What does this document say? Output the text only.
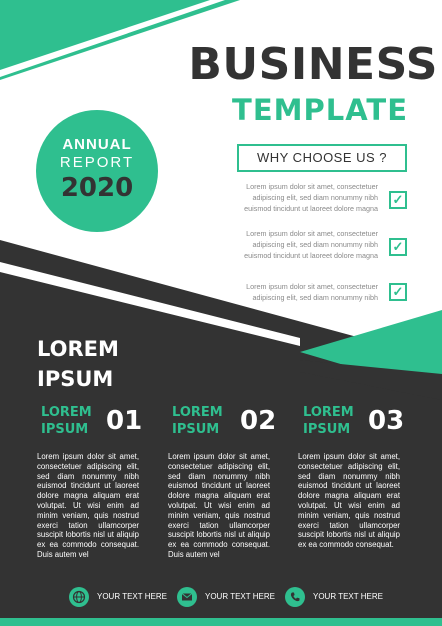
BUSINESS
TEMPLATE
ANNUAL
REPORT
2020
WHY CHOOSE US ?
Lorem ipsum dolor sit amet, consectetuer
adipiscing elit, sed diam nonummy nibh
euismod tincidunt ut laoreet dolore magna
✓
Lorem ipsum dolor sit amet, consectetuer
adipiscing elit, sed diam nonummy nibh
euismod tincidunt ut laoreet dolore magna
✓
Lorem ipsum dolor sit amet, consectetuer
adipiscing elit, sed diam nonummy nibh ✓
LOREM
IPSUM
LOREM
IPSUM 01
Lorem ipsum dolor sit amet, consectetuer adipiscing elit, sed diam nonummy nibh euismod tincidunt ut laoreet dolore magna aliquam erat volutpat. Ut wisi enim ad minim veniam, quis nostrud exerci tation ullamcorper suscipit lobortis nisl ut aliquip ex ea commodo consequat. Duis autem vel
LOREM
IPSUM 02
Lorem ipsum dolor sit amet, consectetuer adipiscing elit, sed diam nonummy nibh euismod tincidunt ut laoreet dolore magna aliquam erat volutpat. Ut wisi enim ad minim veniam, quis nostrud exerci tation ullamcorper suscipit lobortis nisl ut aliquip ex ea commodo consequat. Duis autem vel
LOREM
IPSUM 03
Lorem ipsum dolor sit amet, consectetuer adipiscing elit, sed diam nonummy nibh euismod tincidunt ut laoreet dolore magna aliquam erat volutpat. Ut wisi enim ad minim veniam, quis nostrud exerci tation ullamcorper suscipit lobortis nisl ut aliquip ex ea commodo consequat.
YOUR TEXT HERE	YOUR TEXT HERE	YOUR TEXT HERE
